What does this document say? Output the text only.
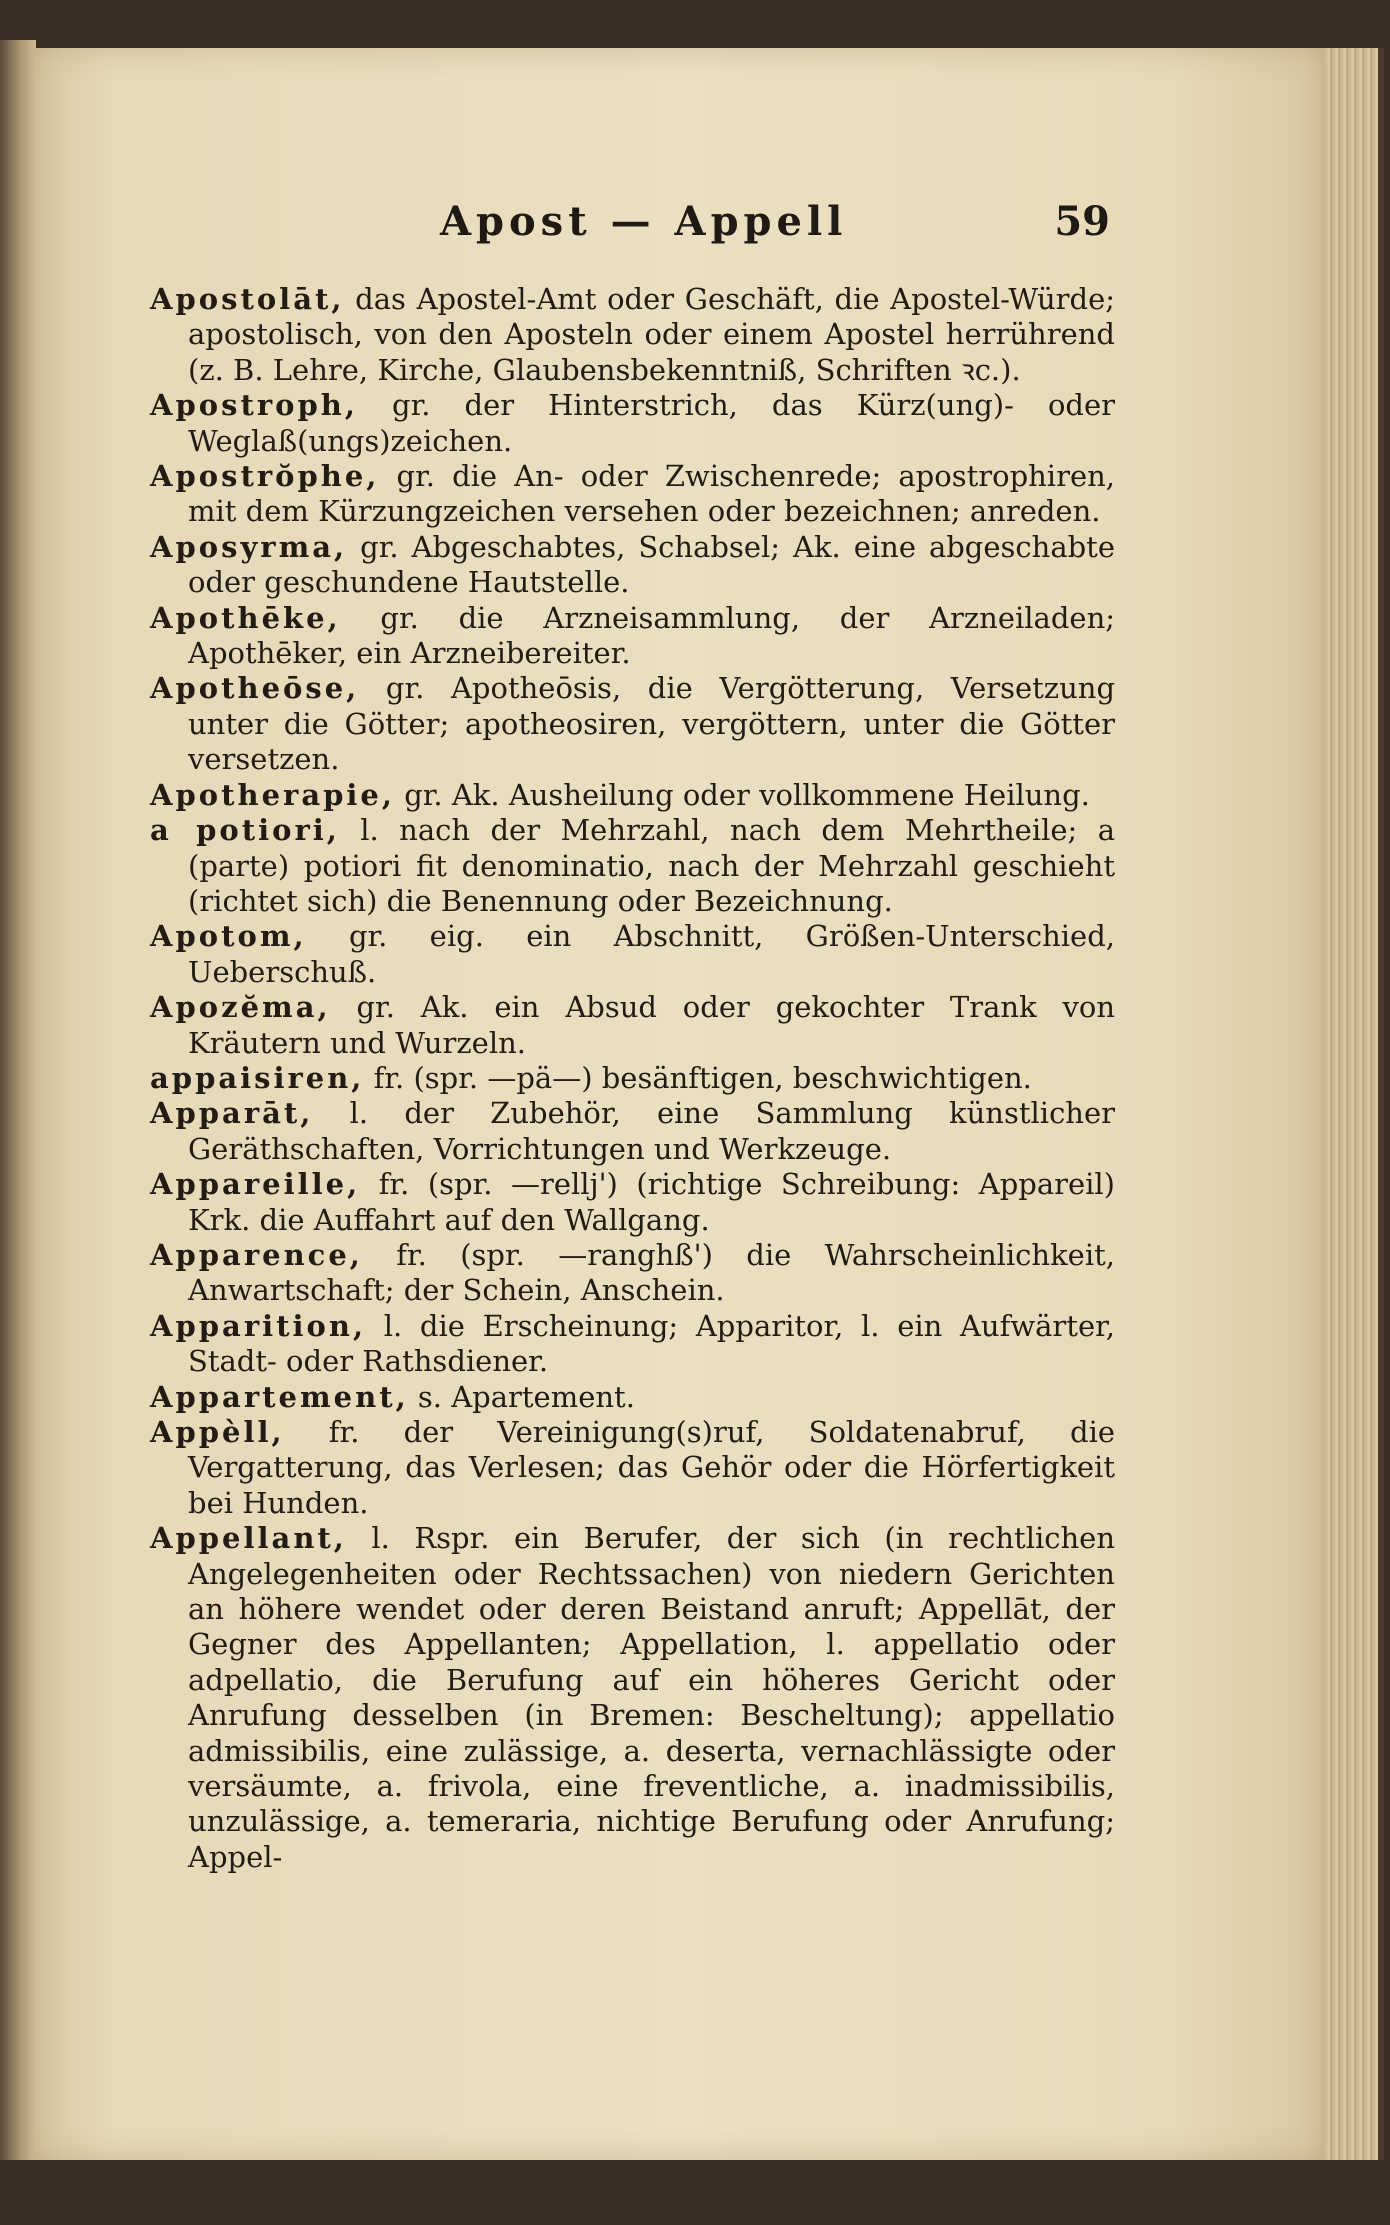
Apost — Appell	59

Apostolāt, das Apostel-Amt oder Geschäft, die Apostel-Würde; apostolisch, von den Aposteln oder einem Apostel herrührend (z. B. Lehre, Kirche, Glaubensbekenntniß, Schriften ꝛc.).

Apostroph, gr. der Hinterstrich, das Kürz(ung)- oder Weglaß(ungs)zeichen.

Apostrŏphe, gr. die An- oder Zwischenrede; apostrophiren, mit dem Kürzungzeichen versehen oder bezeichnen; anreden.

Aposyrma, gr. Abgeschabtes, Schabsel; Ak. eine abgeschabte oder geschundene Hautstelle.

Apothēke, gr. die Arzneisammlung, der Arzneiladen; Apothēker, ein Arzneibereiter.

Apotheōse, gr. Apotheōsis, die Vergötterung, Versetzung unter die Götter; apotheosiren, vergöttern, unter die Götter versetzen.

Apotherapie, gr. Ak. Ausheilung oder vollkommene Heilung.

a potiori, l. nach der Mehrzahl, nach dem Mehrtheile; a (parte) potiori fit denominatio, nach der Mehrzahl geschieht (richtet sich) die Benennung oder Bezeichnung.

Apotom, gr. eig. ein Abschnitt, Größen-Unterschied, Ueberschuß.

Apozĕma, gr. Ak. ein Absud oder gekochter Trank von Kräutern und Wurzeln.

appaisiren, fr. (spr. —pä—) besänftigen, beschwichtigen.

Apparāt, l. der Zubehör, eine Sammlung künstlicher Geräthschaften, Vorrichtungen und Werkzeuge.

Appareille, fr. (spr. —rellj') (richtige Schreibung: Appareil) Krk. die Auffahrt auf den Wallgang.

Apparence, fr. (spr. —ranghß') die Wahrscheinlichkeit, Anwartschaft; der Schein, Anschein.

Apparition, l. die Erscheinung; Apparitor, l. ein Aufwärter, Stadt- oder Rathsdiener.

Appartement, s. Apartement.

Appèll, fr. der Vereinigung(s)ruf, Soldatenabruf, die Vergatterung, das Verlesen; das Gehör oder die Hörfertigkeit bei Hunden.

Appellant, l. Rspr. ein Berufer, der sich (in rechtlichen Angelegenheiten oder Rechtssachen) von niedern Gerichten an höhere wendet oder deren Beistand anruft; Appellāt, der Gegner des Appellanten; Appellation, l. appellatio oder adpellatio, die Berufung auf ein höheres Gericht oder Anrufung desselben (in Bremen: Bescheltung); appellatio admissibilis, eine zulässige, a. deserta, vernachlässigte oder versäumte, a. frivola, eine freventliche, a. inadmissibilis, unzulässige, a. temeraria, nichtige Berufung oder Anrufung; Appel-
